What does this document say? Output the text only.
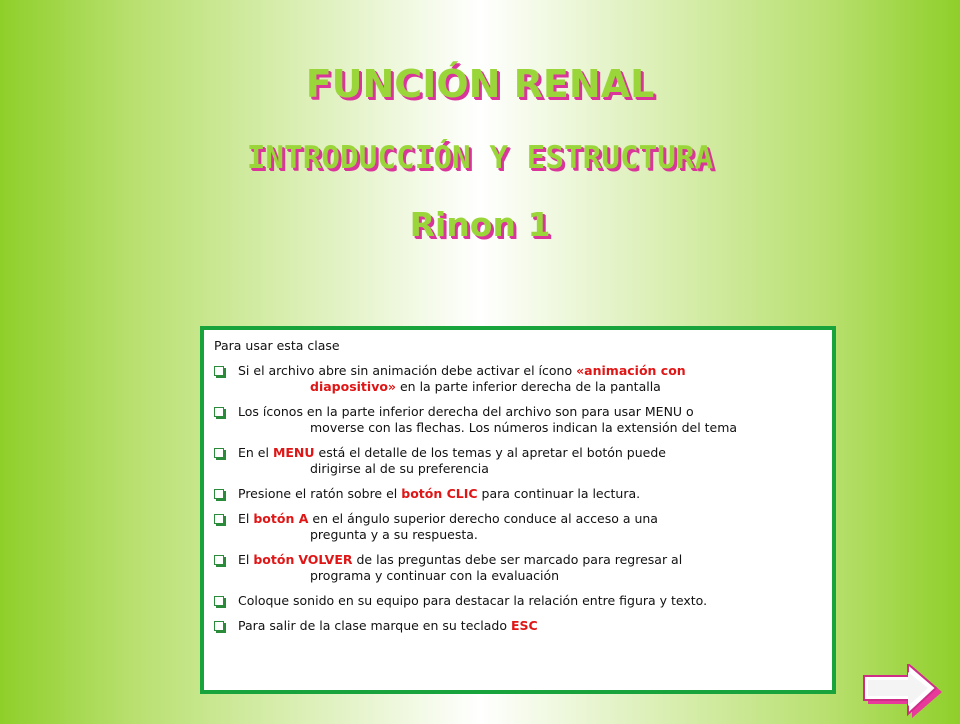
FUNCIÓN RENAL
INTRODUCCIÓN Y ESTRUCTURA
Rinon 1
Para usar esta clase
Si el archivo abre sin animación debe activar el ícono «animación con
diapositivo» en la parte inferior derecha de la pantalla
Los íconos en la parte inferior derecha del archivo son para usar MENU o
moverse con las flechas. Los números indican la extensión del tema
En el MENU está el detalle de los temas y al apretar el botón puede
dirigirse al de su preferencia
Presione el ratón sobre el botón CLIC para continuar la lectura.
El botón A en el ángulo superior derecho conduce al acceso a una
pregunta y a su respuesta.
El botón VOLVER de las preguntas debe ser marcado para regresar al
programa y continuar con la evaluación
Coloque sonido en su equipo para destacar la relación entre figura y texto.
Para salir de la clase marque en su teclado ESC
